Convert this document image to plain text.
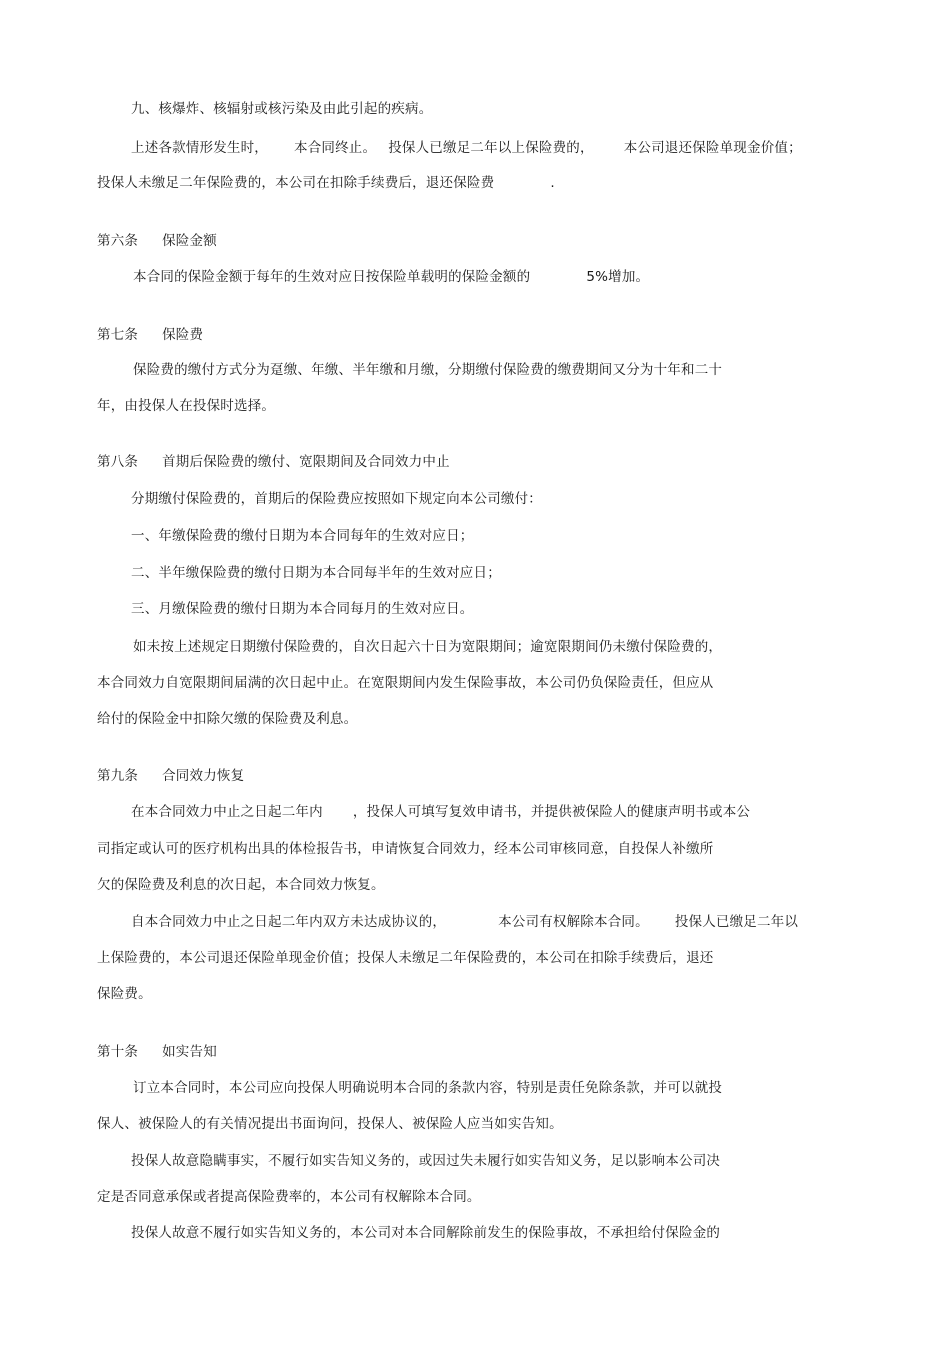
九、核爆炸、核辐射或核污染及由此引起的疾病。

上述各款情形发生时， 本合同终止。 投保人已缴足二年以上保险费的， 本公司退还保险单现金价值；

投保人未缴足二年保险费的，本公司在扣除手续费后，退还保险费	.

第六条 保险金额

本合同的保险金额于每年的生效对应日按保险单载明的保险金额的	5%增加。

第七条 保险费

保险费的缴付方式分为趸缴、年缴、半年缴和月缴，分期缴付保险费的缴费期间又分为十年和二十

年，由投保人在投保时选择。

第八条 首期后保险费的缴付、宽限期间及合同效力中止

分期缴付保险费的，首期后的保险费应按照如下规定向本公司缴付：

一、年缴保险费的缴付日期为本合同每年的生效对应日；

二、半年缴保险费的缴付日期为本合同每半年的生效对应日；

三、月缴保险费的缴付日期为本合同每月的生效对应日。

如未按上述规定日期缴付保险费的，自次日起六十日为宽限期间；逾宽限期间仍未缴付保险费的，

本合同效力自宽限期间届满的次日起中止。在宽限期间内发生保险事故，本公司仍负保险责任，但应从

给付的保险金中扣除欠缴的保险费及利息。

第九条 合同效力恢复

在本合同效力中止之日起二年内 ，投保人可填写复效申请书，并提供被保险人的健康声明书或本公

司指定或认可的医疗机构出具的体检报告书，申请恢复合同效力，经本公司审核同意，自投保人补缴所

欠的保险费及利息的次日起，本合同效力恢复。

自本合同效力中止之日起二年内双方未达成协议的，	本公司有权解除本合同。 投保人已缴足二年以

上保险费的，本公司退还保险单现金价值；投保人未缴足二年保险费的，本公司在扣除手续费后，退还

保险费。

第十条 如实告知

订立本合同时，本公司应向投保人明确说明本合同的条款内容，特别是责任免除条款，并可以就投

保人、被保险人的有关情况提出书面询问，投保人、被保险人应当如实告知。

投保人故意隐瞒事实，不履行如实告知义务的，或因过失未履行如实告知义务，足以影响本公司决

定是否同意承保或者提高保险费率的，本公司有权解除本合同。

投保人故意不履行如实告知义务的，本公司对本合同解除前发生的保险事故，不承担给付保险金的
